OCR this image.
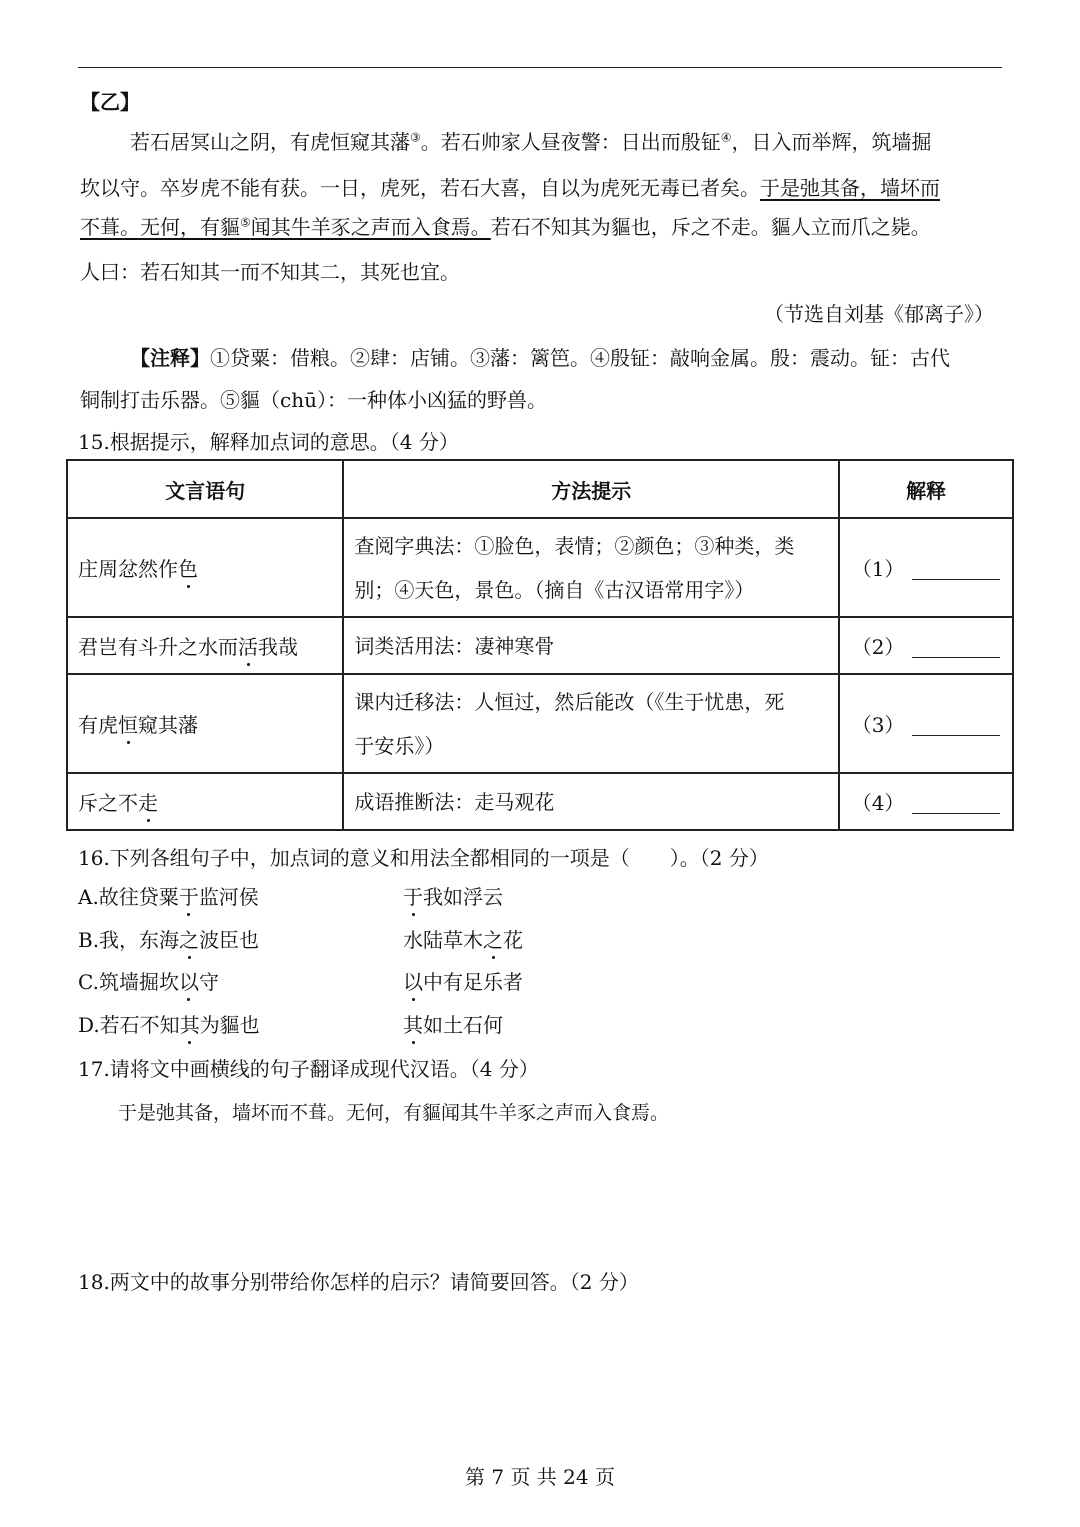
【乙】
若石居冥山之阴，有虎恒窥其藩③。若石帅家人昼夜警：日出而殷钲④，日入而举辉，筑墙掘
坎以守。卒岁虎不能有获。一日，虎死，若石大喜，自以为虎死无毒已者矣。于是弛其备，墙坏而
不葺。无何，有貙⑤闻其牛羊豕之声而入食焉。若石不知其为貙也，斥之不走。貙人立而爪之毙。
人曰：若石知其一而不知其二，其死也宜。
（节选自刘基《郁离子》）
【注释】①贷粟：借粮。②肆：店铺。③藩：篱笆。④殷钲：敲响金属。殷：震动。钲：古代
铜制打击乐器。⑤貙（chū）：一种体小凶猛的野兽。
15.根据提示，解释加点词的意思。（4 分）
文言语句	方法提示	解释
庄周忿然作色	查阅字典法：①脸色，表情；②颜色；③种类，类
别；④天色，景色。（摘自《古汉语常用字》）	（1）
君岂有斗升之水而活我哉	词类活用法：凄神寒骨	（2）
有虎恒窥其藩	课内迁移法：人恒过，然后能改（《生于忧患，死
于安乐》）	（3）
斥之不走	成语推断法：走马观花	（4）
16.下列各组句子中，加点词的意义和用法全都相同的一项是（　　）。（2 分）
A.故往贷粟于监河侯	于我如浮云
B.我，东海之波臣也	水陆草木之花
C.筑墙掘坎以守	以中有足乐者
D.若石不知其为貙也	其如土石何
17.请将文中画横线的句子翻译成现代汉语。（4 分）
于是弛其备，墙坏而不葺。无何，有貙闻其牛羊豕之声而入食焉。
18.两文中的故事分别带给你怎样的启示？请简要回答。（2 分）
第 7 页 共 24 页
